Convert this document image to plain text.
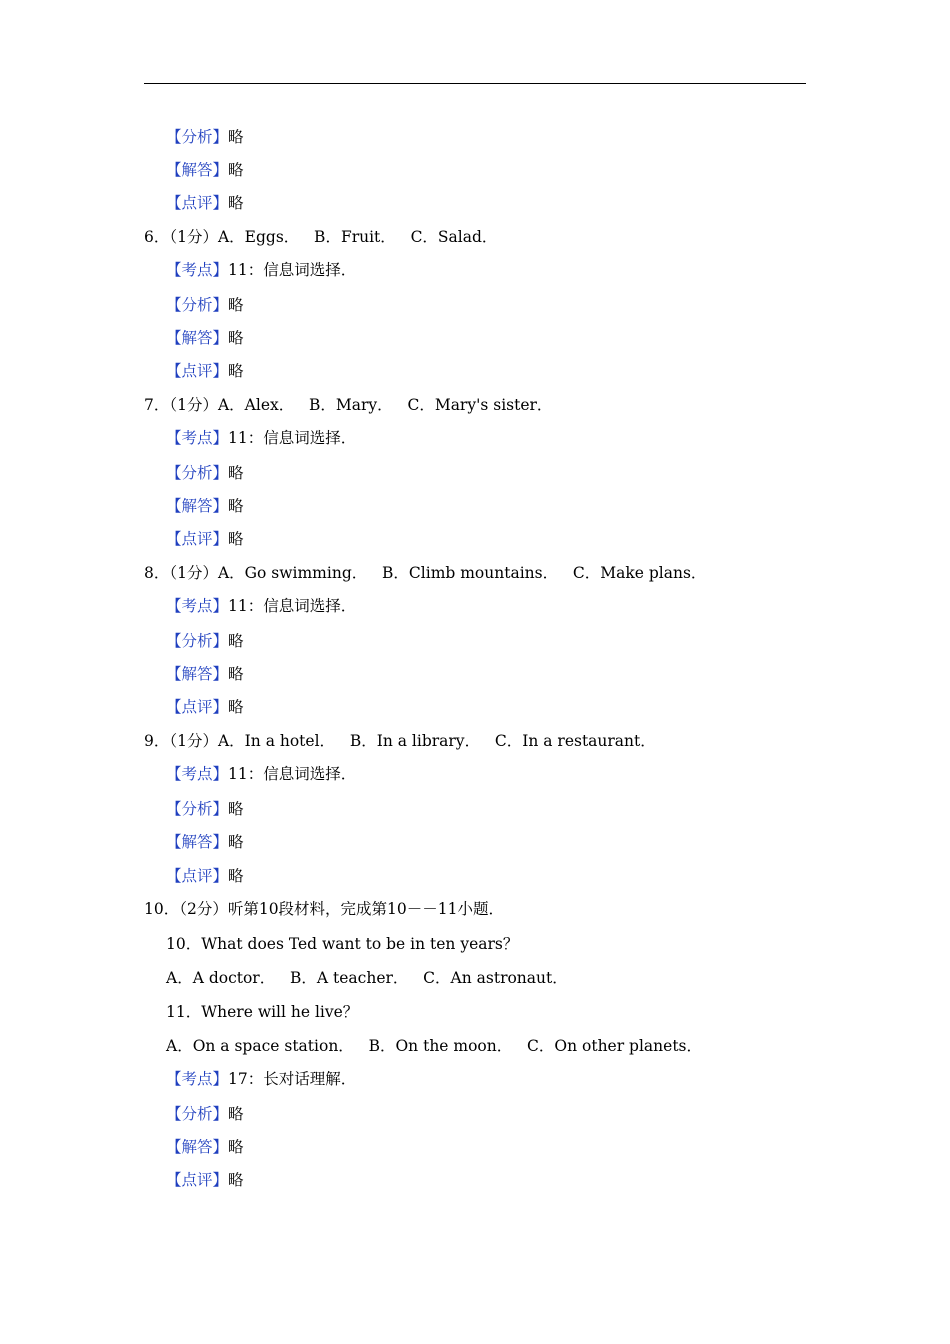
【分析】略
【解答】略
【点评】略
6．（1分）A．Eggs．   B．Fruit．   C．Salad．
【考点】11：信息词选择．
【分析】略
【解答】略
【点评】略
7．（1分）A．Alex．   B．Mary．   C．Mary's sister．
【考点】11：信息词选择．
【分析】略
【解答】略
【点评】略
8．（1分）A．Go swimming．   B．Climb mountains．   C．Make plans．
【考点】11：信息词选择．
【分析】略
【解答】略
【点评】略
9．（1分）A．In a hotel．   B．In a library．   C．In a restaurant．
【考点】11：信息词选择．
【分析】略
【解答】略
【点评】略
10．（2分）听第10段材料，完成第10－－11小题．
10．What does Ted want to be in ten years？
A．A doctor．   B．A teacher．   C．An astronaut．
11．Where will he live？
A．On a space station．   B．On the moon．   C．On other planets．
【考点】17：长对话理解．
【分析】略
【解答】略
【点评】略
